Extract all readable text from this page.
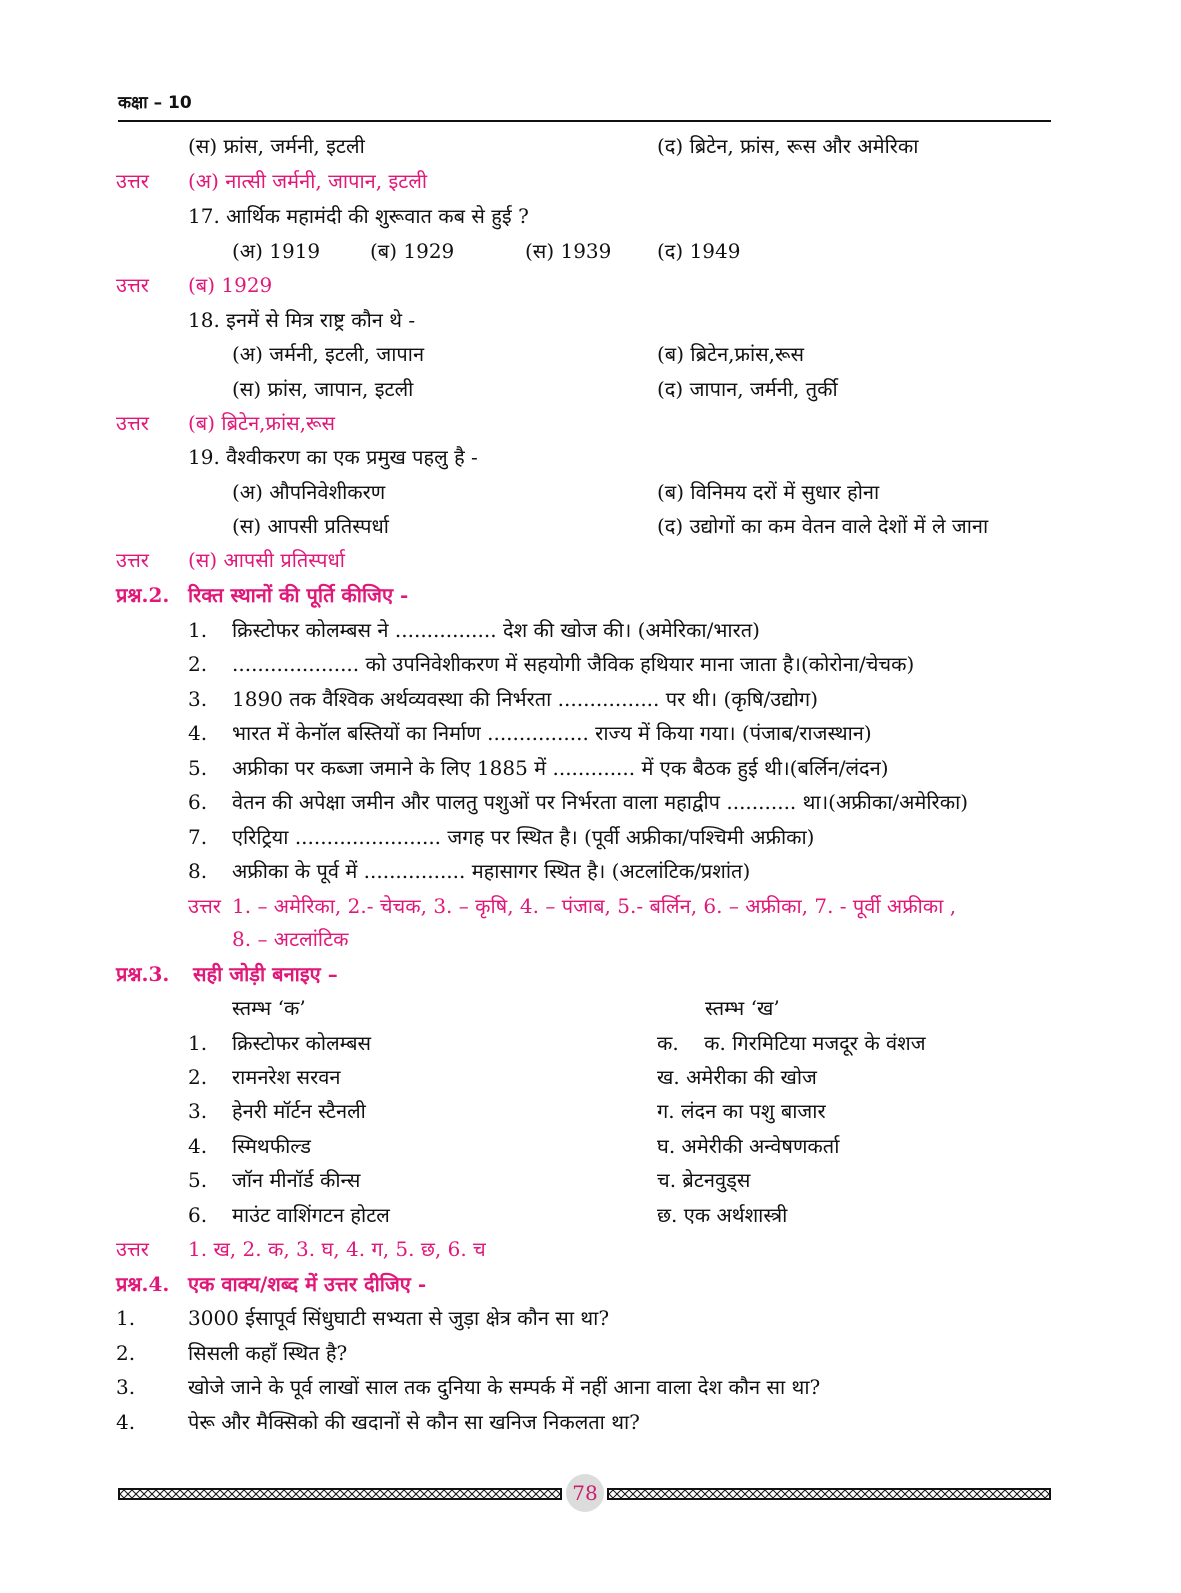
कक्षा – 10
(स) फ्रांस, जर्मनी, इटली	(द) ब्रिटेन, फ्रांस, रूस और अमेरिका
उत्तर (अ) नात्सी जर्मनी, जापान, इटली
17. आर्थिक महामंदी की शुरूवात कब से हुई ?
(अ) 1919 (ब) 1929	(स) 1939 (द) 1949
उत्तर (ब) 1929
18. इनमें से मित्र राष्ट्र कौन थे -
(अ) जर्मनी, इटली, जापान	(ब) ब्रिटेन,फ्रांस,रूस
(स) फ्रांस, जापान, इटली	(द) जापान, जर्मनी, तुर्की
उत्तर (ब) ब्रिटेन,फ्रांस,रूस
19. वैश्वीकरण का एक प्रमुख पहलु है -
(अ) औपनिवेशीकरण	(ब) विनिमय दरों में सुधार होना
(स) आपसी प्रतिस्पर्धा	(द) उद्योगों का कम वेतन वाले देशों में ले जाना
उत्तर (स) आपसी प्रतिस्पर्धा
प्रश्न.2. रिक्त स्थानों की पूर्ति कीजिए -
1. क्रिस्टोफर कोलम्बस ने ................ देश की खोज की। (अमेरिका/भारत)
2. .................... को उपनिवेशीकरण में सहयोगी जैविक हथियार माना जाता है।(कोरोना/चेचक)
3. 1890 तक वैश्विक अर्थव्यवस्था की निर्भरता ................ पर थी। (कृषि/उद्योग)
4. भारत में केनॉल बस्तियों का निर्माण ................ राज्य में किया गया। (पंजाब/राजस्थान)
5. अफ्रीका पर कब्जा जमाने के लिए 1885 में ............. में एक बैठक हुई थी।(बर्लिन/लंदन)
6. वेतन की अपेक्षा जमीन और पालतु पशुओं पर निर्भरता वाला महाद्वीप ........... था।(अफ्रीका/अमेरिका)
7. एरिट्रिया ....................... जगह पर स्थित है। (पूर्वी अफ्रीका/पश्चिमी अफ्रीका)
8. अफ्रीका के पूर्व में ................ महासागर स्थित है। (अटलांटिक/प्रशांत)
उत्तर 1. – अमेरिका, 2.- चेचक, 3. – कृषि, 4. – पंजाब, 5.- बर्लिन, 6. – अफ्रीका, 7. - पूर्वी अफ्रीका ,
8. – अटलांटिक
प्रश्न.3. सही जोड़ी बनाइए –
स्तम्भ ‘क’	स्तम्भ ‘ख’
1. क्रिस्टोफर कोलम्बस	क.    क. गिरमिटिया मजदूर के वंशज
2. रामनरेश सरवन	ख. अमेरीका की खोज
3. हेनरी मॉर्टन स्टैनली	ग. लंदन का पशु बाजार
4. स्मिथफील्ड	घ. अमेरीकी अन्वेषणकर्ता
5. जॉन मीनॉर्ड कीन्स	च. ब्रेटनवुड्स
6. माउंट वाशिंगटन होटल	छ. एक अर्थशास्त्री
उत्तर 1. ख, 2. क, 3. घ, 4. ग, 5. छ, 6. च
प्रश्न.4. एक वाक्य/शब्द में उत्तर दीजिए -
1.	3000 ईसापूर्व सिंधुघाटी सभ्यता से जुड़ा क्षेत्र कौन सा था?
2.	सिसली कहाँ स्थित है?
3.	खोजे जाने के पूर्व लाखों साल तक दुनिया के सम्पर्क में नहीं आना वाला देश कौन सा था?
4.	पेरू और मैक्सिको की खदानों से कौन सा खनिज निकलता था?
78
